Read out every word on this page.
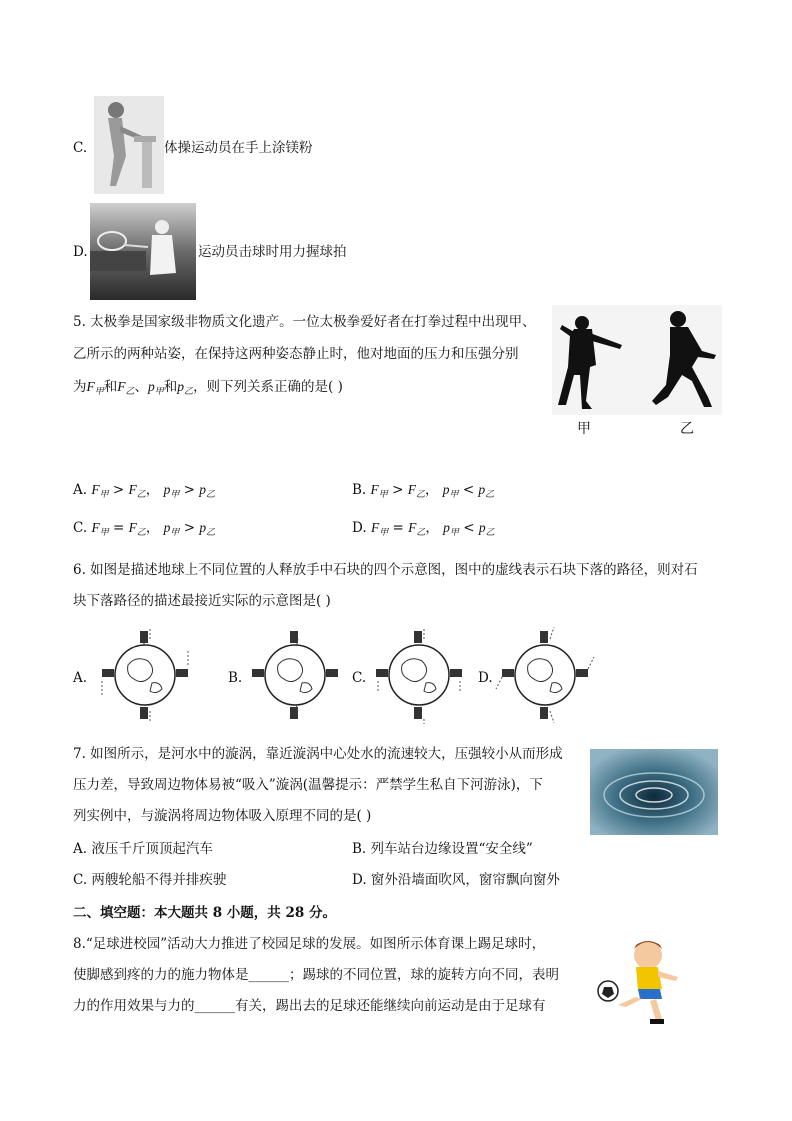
C.	体操运动员在手上涂镁粉
D.	运动员击球时用力握球拍
5. 太极拳是国家级非物质文化遗产。一位太极拳爱好者在打拳过程中出现甲、
乙所示的两种站姿，在保持这两种姿态静止时，他对地面的压力和压强分别
为$F_甲$和$F_乙$、$p_甲$和$p_乙$，则下列关系正确的是( )
甲	乙
A. $F_甲 > F_乙$， $p_甲 > p_乙$	B. $F_甲 > F_乙$， $p_甲 < p_乙$
C. $F_甲 = F_乙$， $p_甲 > p_乙$	D. $F_甲 = F_乙$， $p_甲 < p_乙$
6. 如图是描述地球上不同位置的人释放手中石块的四个示意图，图中的虚线表示石块下落的路径，则对石
块下落路径的描述最接近实际的示意图是( )
A.	B.	C.	D.
7. 如图所示，是河水中的漩涡，靠近漩涡中心处水的流速较大，压强较小从而形成
压力差，导致周边物体易被“吸入”漩涡(温馨提示：严禁学生私自下河游泳)，下
列实例中，与漩涡将周边物体吸入原理不同的是( )
A. 液压千斤顶顶起汽车	B. 列车站台边缘设置“安全线”
C. 两艘轮船不得并排疾驶	D. 窗外沿墙面吹风，窗帘飘向窗外
二、填空题：本大题共 8 小题，共 28 分。
8.“足球进校园”活动大力推进了校园足球的发展。如图所示体育课上踢足球时，
使脚感到疼的力的施力物体是______；踢球的不同位置，球的旋转方向不同，表明
力的作用效果与力的______有关，踢出去的足球还能继续向前运动是由于足球有
